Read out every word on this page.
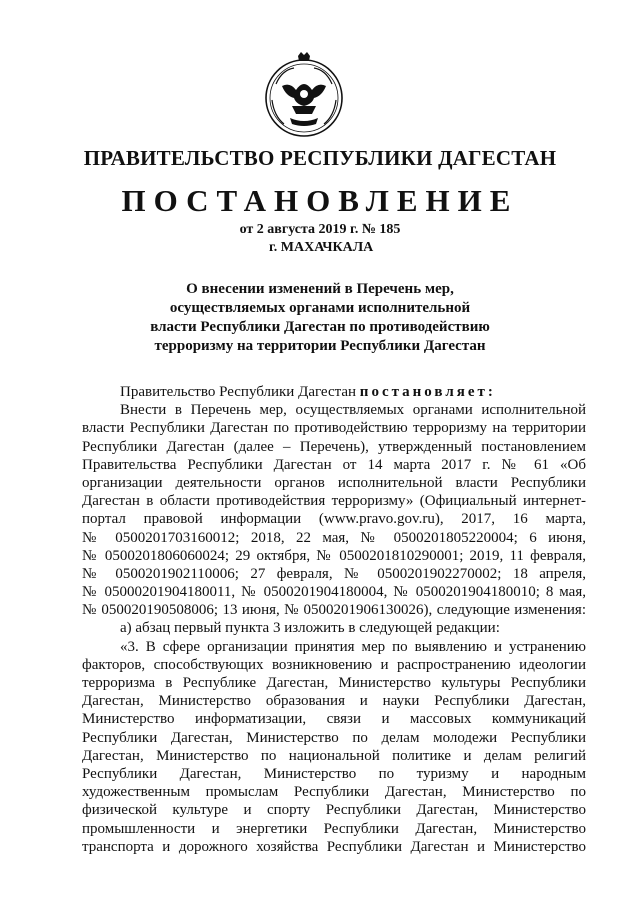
ПРАВИТЕЛЬСТВО РЕСПУБЛИКИ ДАГЕСТАН
ПОСТАНОВЛЕНИЕ
от 2 августа 2019 г. № 185
г. МАХАЧКАЛА
О внесении изменений в Перечень мер,
осуществляемых органами исполнительной
власти Республики Дагестан по противодействию
терроризму на территории Республики Дагестан
Правительство Республики Дагестан постановляет:
Внести в Перечень мер, осуществляемых органами исполнительной
власти Республики Дагестан по противодействию терроризму на территории
Республики Дагестан (далее – Перечень), утвержденный постановлением
Правительства Республики Дагестан от 14 марта 2017 г. № 61 «Об
организации деятельности органов исполнительной власти Республики
Дагестан в области противодействия терроризму» (Официальный интернет-
портал правовой информации (www.pravo.gov.ru), 2017, 16 марта,
№ 0500201703160012; 2018, 22 мая, № 0500201805220004; 6 июня,
№ 0500201806060024; 29 октября, № 0500201810290001; 2019, 11 февраля,
№ 0500201902110006; 27 февраля, № 0500201902270002; 18 апреля,
№ 05000201904180011, № 0500201904180004, № 0500201904180010; 8 мая,
№ 050020190508006; 13 июня, № 0500201906130026), следующие изменения:
а) абзац первый пункта 3 изложить в следующей редакции:
«3. В сфере организации принятия мер по выявлению и устранению
факторов, способствующих возникновению и распространению идеологии
терроризма в Республике Дагестан, Министерство культуры Республики
Дагестан, Министерство образования и науки Республики Дагестан,
Министерство информатизации, связи и массовых коммуникаций
Республики Дагестан, Министерство по делам молодежи Республики
Дагестан, Министерство по национальной политике и делам религий
Республики Дагестан, Министерство по туризму и народным
художественным промыслам Республики Дагестан, Министерство по
физической культуре и спорту Республики Дагестан, Министерство
промышленности и энергетики Республики Дагестан, Министерство
транспорта и дорожного хозяйства Республики Дагестан и Министерство
